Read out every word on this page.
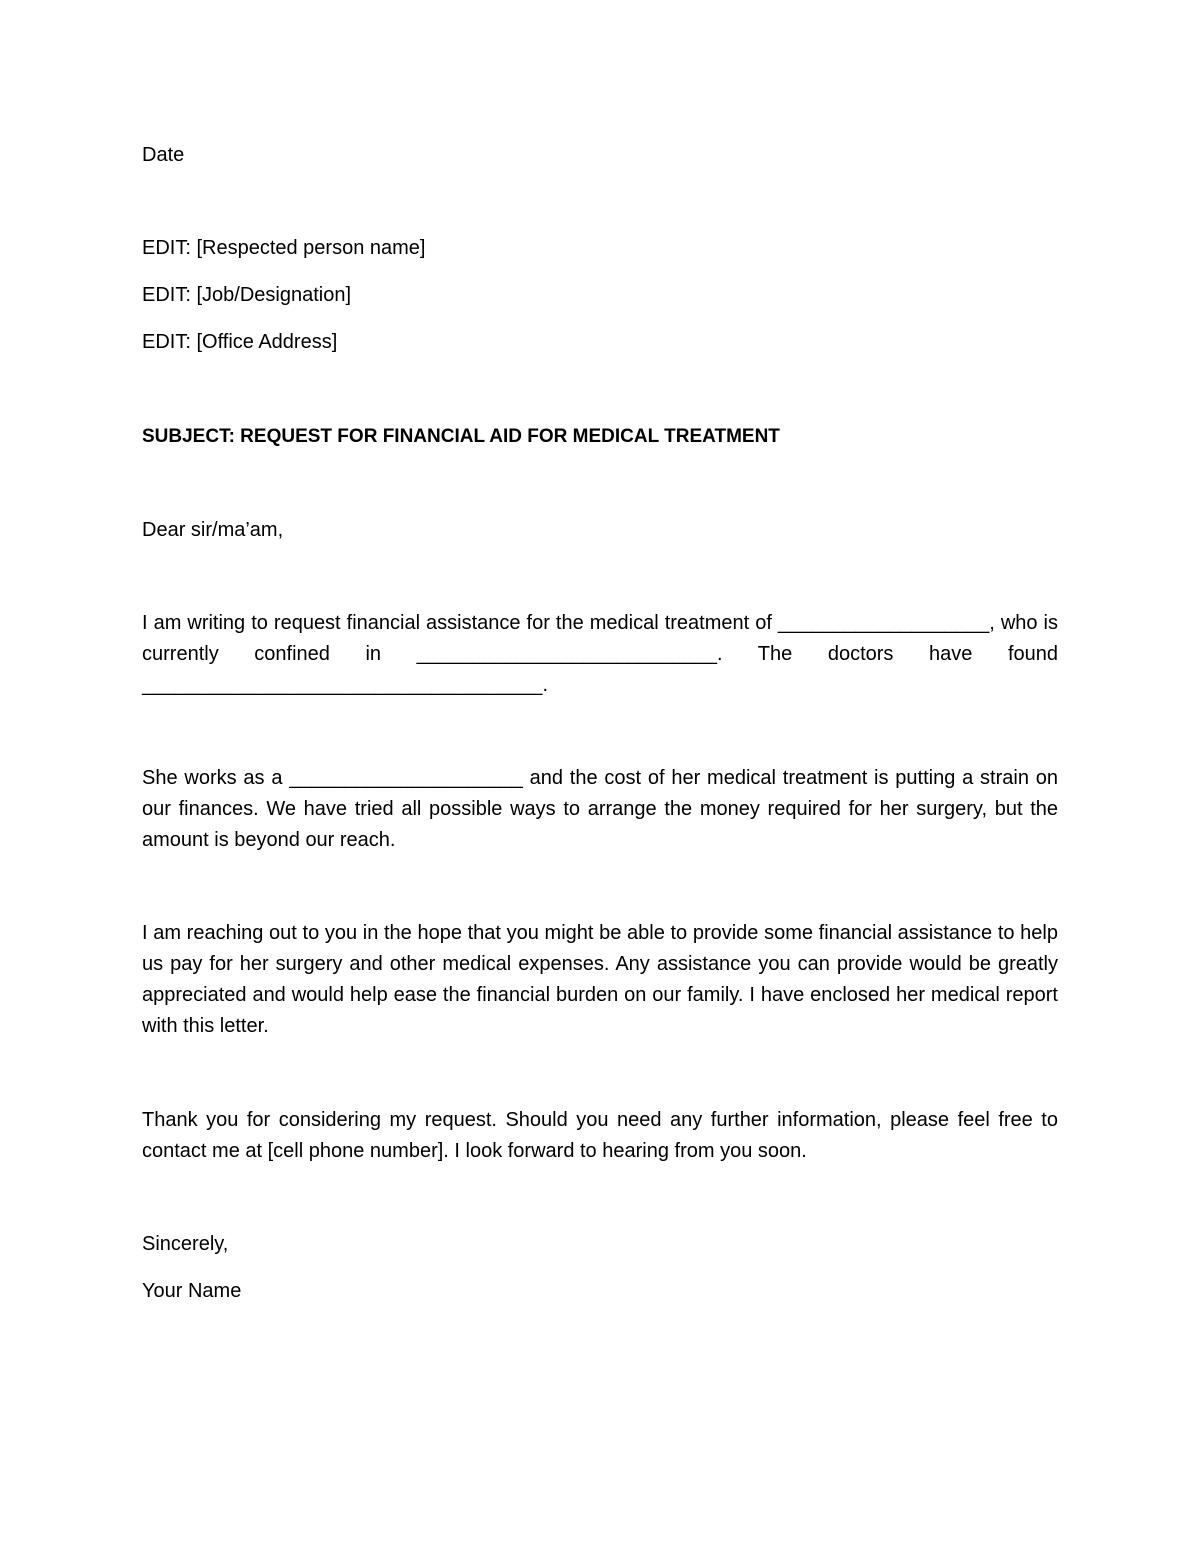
Date
EDIT: [Respected person name]
EDIT: [Job/Designation]
EDIT: [Office Address]
SUBJECT: REQUEST FOR FINANCIAL AID FOR MEDICAL TREATMENT
Dear sir/ma’am,
I am writing to request financial assistance for the medical treatment of ___________________, who is currently confined in ___________________________. The doctors have found ____________________________________.
She works as a _____________________ and the cost of her medical treatment is putting a strain on our finances. We have tried all possible ways to arrange the money required for her surgery, but the amount is beyond our reach.
I am reaching out to you in the hope that you might be able to provide some financial assistance to help us pay for her surgery and other medical expenses. Any assistance you can provide would be greatly appreciated and would help ease the financial burden on our family. I have enclosed her medical report with this letter.
Thank you for considering my request. Should you need any further information, please feel free to contact me at [cell phone number]. I look forward to hearing from you soon.
Sincerely,
Your Name
